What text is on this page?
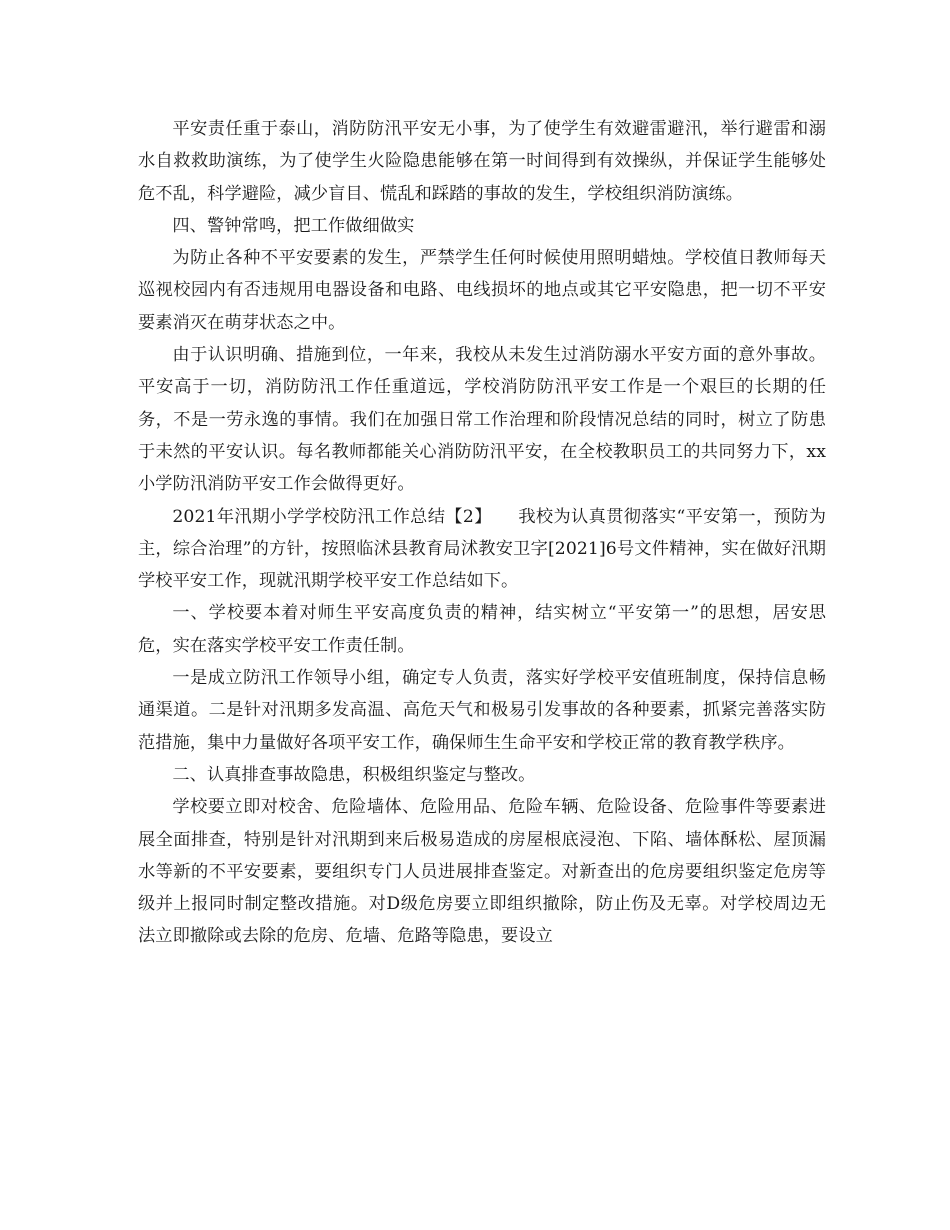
平安责任重于泰山，消防防汛平安无小事，为了使学生有效避雷避汛，举行避雷和溺水自救救助演练，为了使学生火险隐患能够在第一时间得到有效操纵，并保证学生能够处危不乱，科学避险，减少盲目、慌乱和踩踏的事故的发生，学校组织消防演练。

四、警钟常鸣，把工作做细做实

为防止各种不平安要素的发生，严禁学生任何时候使用照明蜡烛。学校值日教师每天巡视校园内有否违规用电器设备和电路、电线损坏的地点或其它平安隐患，把一切不平安要素消灭在萌芽状态之中。

由于认识明确、措施到位，一年来，我校从未发生过消防溺水平安方面的意外事故。平安高于一切，消防防汛工作任重道远，学校消防防汛平安工作是一个艰巨的长期的任务，不是一劳永逸的事情。我们在加强日常工作治理和阶段情况总结的同时，树立了防患于未然的平安认识。每名教师都能关心消防防汛平安，在全校教职员工的共同努力下，xx小学防汛消防平安工作会做得更好。

2021年汛期小学学校防汛工作总结【2】　　我校为认真贯彻落实“平安第一，预防为主，综合治理”的方针，按照临沭县教育局沭教安卫字[2021]6号文件精神，实在做好汛期学校平安工作，现就汛期学校平安工作总结如下。

一、学校要本着对师生平安高度负责的精神，结实树立“平安第一”的思想，居安思危，实在落实学校平安工作责任制。

一是成立防汛工作领导小组，确定专人负责，落实好学校平安值班制度，保持信息畅通渠道。二是针对汛期多发高温、高危天气和极易引发事故的各种要素，抓紧完善落实防范措施，集中力量做好各项平安工作，确保师生生命平安和学校正常的教育教学秩序。

二、认真排查事故隐患，积极组织鉴定与整改。

学校要立即对校舍、危险墙体、危险用品、危险车辆、危险设备、危险事件等要素进展全面排查，特别是针对汛期到来后极易造成的房屋根底浸泡、下陷、墙体酥松、屋顶漏水等新的不平安要素，要组织专门人员进展排查鉴定。对新查出的危房要组织鉴定危房等级并上报同时制定整改措施。对D级危房要立即组织撤除，防止伤及无辜。对学校周边无法立即撤除或去除的危房、危墙、危路等隐患，要设立
